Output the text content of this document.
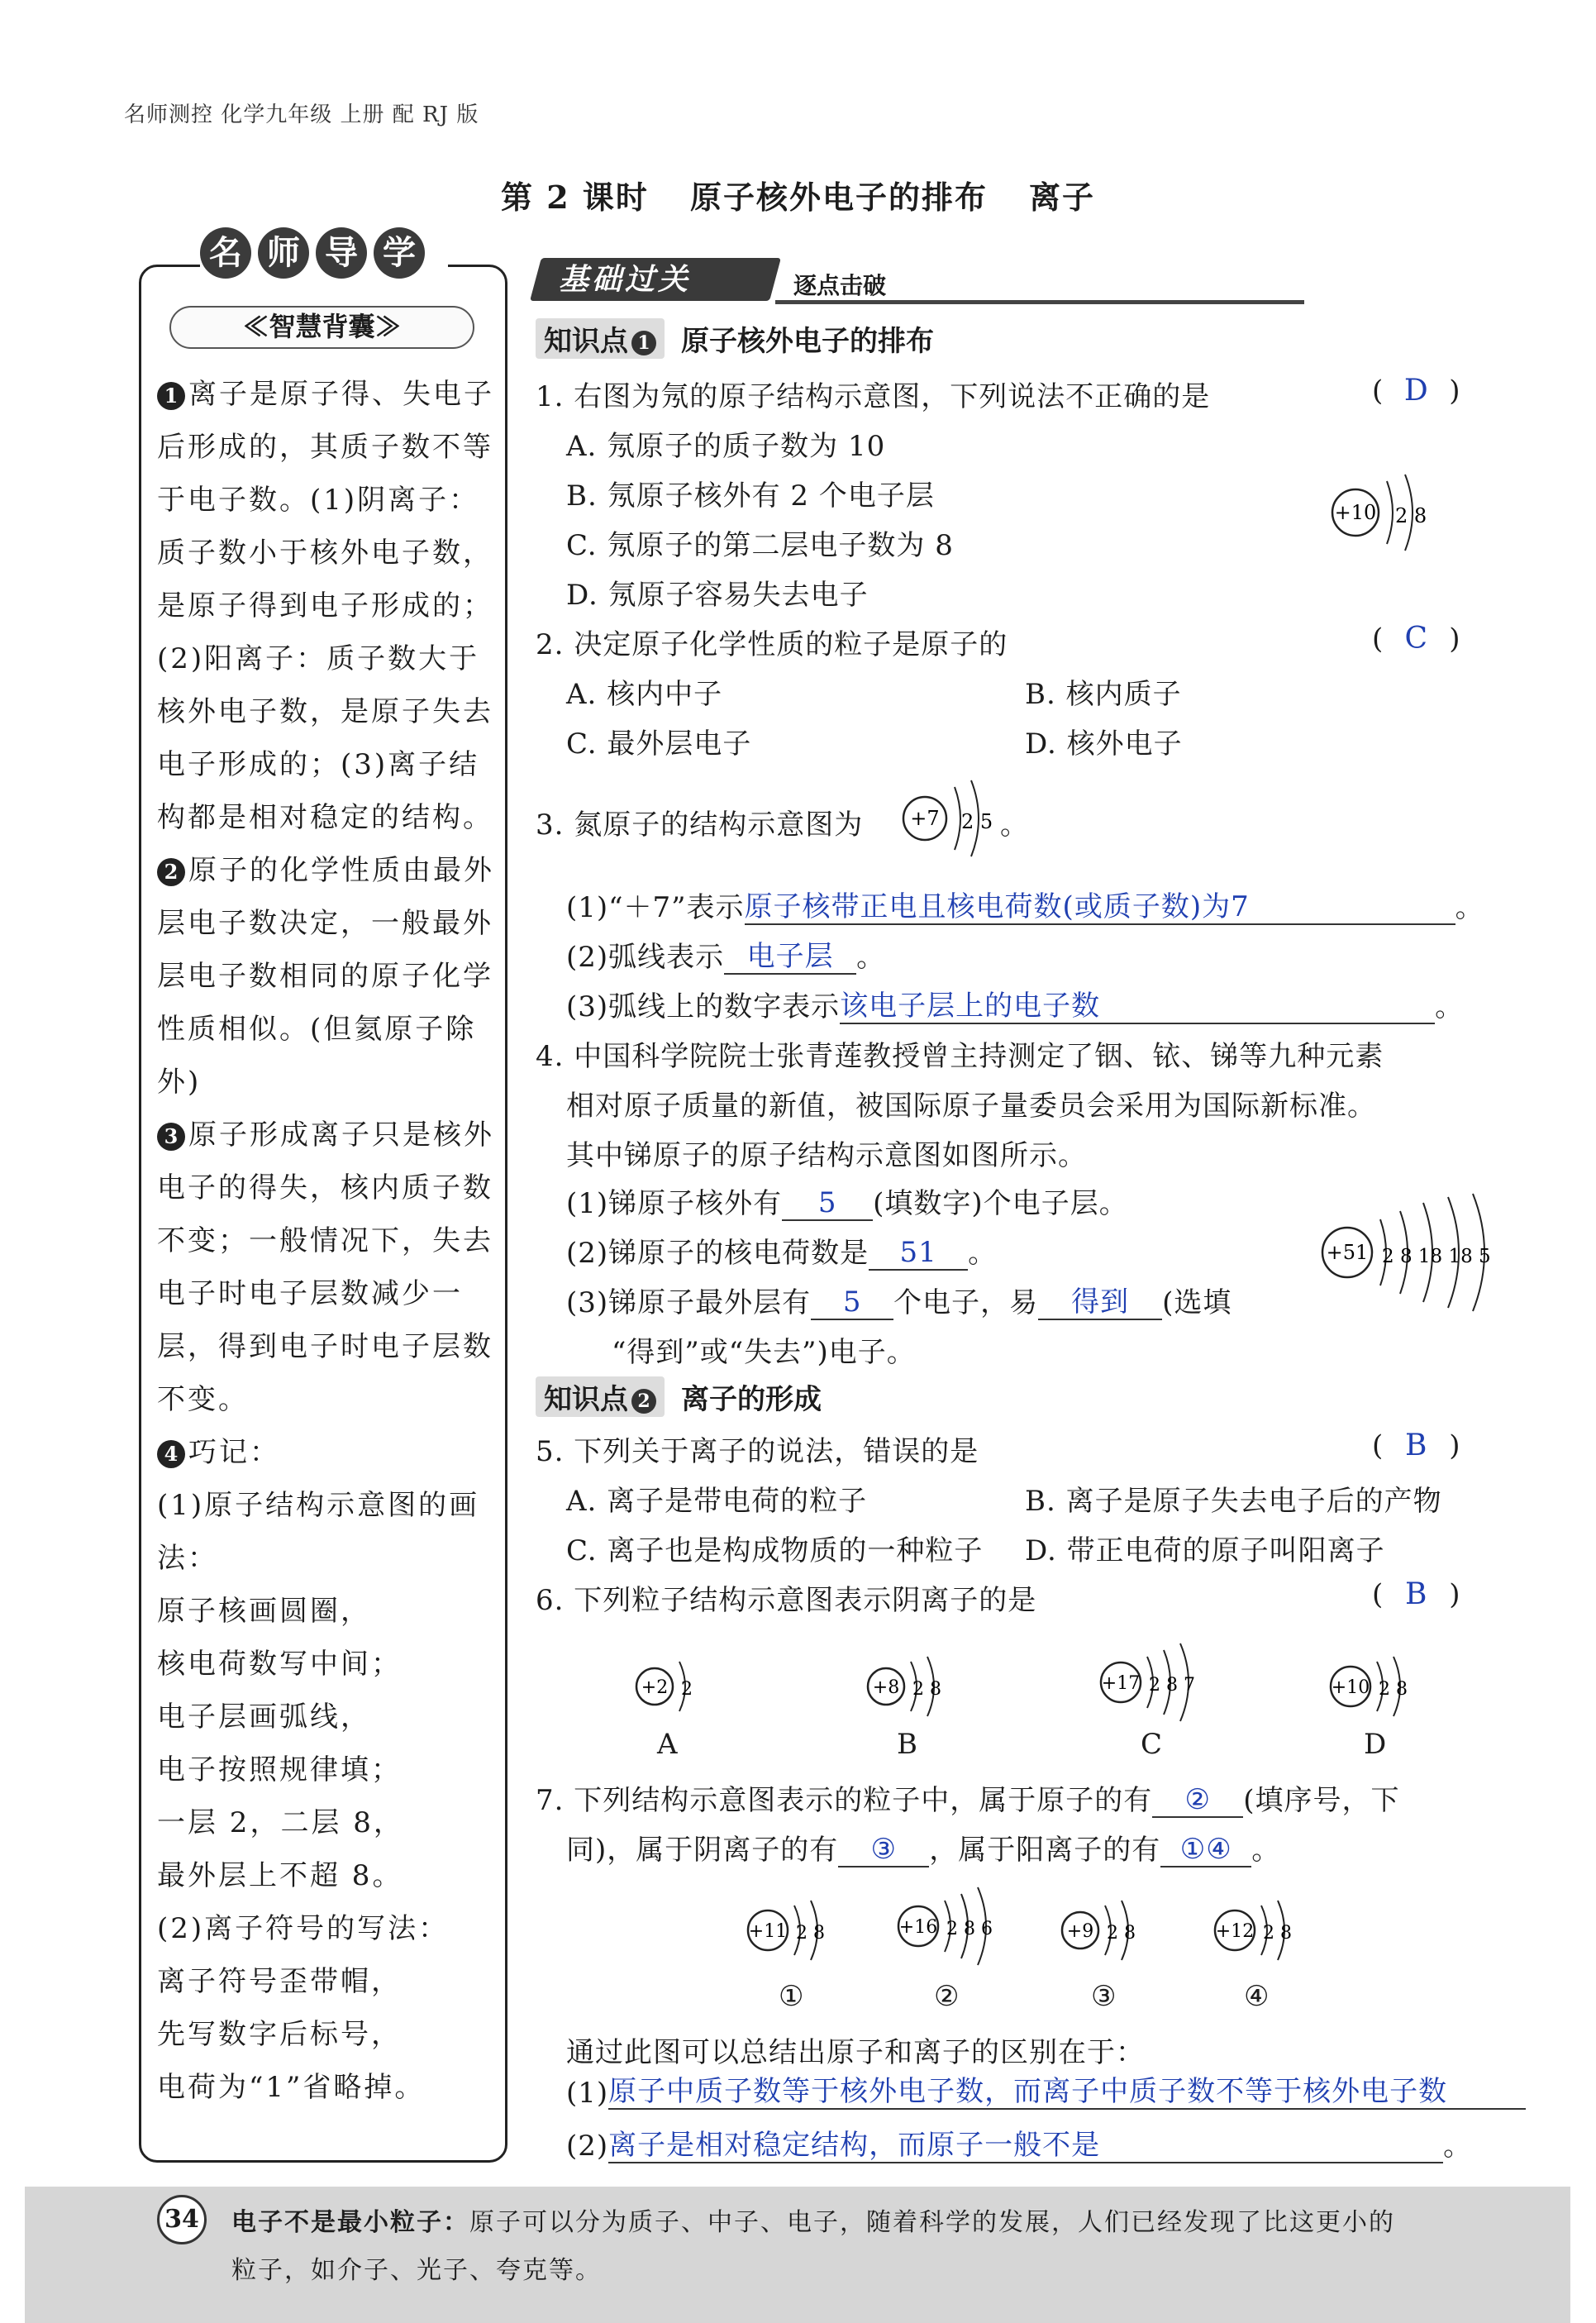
名师测控 化学九年级 上册 配 RJ 版
第 2 课时 原子核外电子的排布 离子
名 师 导 学
≪智慧背囊≫

1 离子是原子得、失电子后形成的，其质子数不等于电子数。(1)阴离子：质子数小于核外电子数，是原子得到电子形成的；(2)阳离子：质子数大于核外电子数，是原子失去电子形成的；(3)离子结构都是相对稳定的结构。

2 原子的化学性质由最外层电子数决定，一般最外层电子数相同的原子化学性质相似。(但氦原子除外)

3 原子形成离子只是核外电子的得失，核内质子数不变；一般情况下，失去电子时电子层数减少一层，得到电子时电子层数不变。

4 巧记：

(1)原子结构示意图的画法：

原子核画圆圈，

核电荷数写中间；

电子层画弧线，

电子按照规律填；

一层 2，二层 8，

最外层上不超 8。

(2)离子符号的写法：

离子符号歪带帽，

先写数字后标号，

电荷为“1”省略掉。

基础过关	逐点击破
知识点 1 原子核外电子的排布
1. 右图为氖的原子结构示意图，下列说法不正确的是	( D )
A. 氖原子的质子数为 10
B. 氖原子核外有 2 个电子层
C. 氖原子的第二层电子数为 8
D. 氖原子容易失去电子
+10 2 8
2. 决定原子化学性质的粒子是原子的	( C )
A. 核内中子	B. 核内质子
C. 最外层电子	D. 核外电子
3. 氮原子的结构示意图为 +7 2 5 。
(1)“＋7”表示原子核带正电且核电荷数(或质子数)为7	。
(2)弧线表示 电子层 。
(3)弧线上的数字表示该电子层上的电子数	。
4. 中国科学院院士张青莲教授曾主持测定了铟、铱、锑等九种元素
相对原子质量的新值，被国际原子量委员会采用为国际新标准。
其中锑原子的原子结构示意图如图所示。
(1)锑原子核外有 5 (填数字)个电子层。
(2)锑原子的核电荷数是 51 。
(3)锑原子最外层有 5 个电子，易 得到 (选填
“得到”或“失去”)电子。
+51 2 8 18 18 5
知识点 2 离子的形成
5. 下列关于离子的说法，错误的是	( B )
A. 离子是带电荷的粒子	B. 离子是原子失去电子后的产物
C. 离子也是构成物质的一种粒子 D. 带正电荷的原子叫阳离子
6. 下列粒子结构示意图表示阴离子的是	( B )
+2 2	+8 2 8	+17 2 8 7	+10 2 8
A	B	C	D
7. 下列结构示意图表示的粒子中，属于原子的有 ② (填序号，下
同)，属于阴离子的有 ③ ，属于阳离子的有 ①④ 。
+11 2 8	+16 2 8 6	+9 2 8	+12 2 8
①	②	③	④
通过此图可以总结出原子和离子的区别在于：
(1)原子中质子数等于核外电子数，而离子中质子数不等于核外电子数
(2)离子是相对稳定结构，而原子一般不是	。
34	电子不是最小粒子：原子可以分为质子、中子、电子，随着科学的发展，人们已经发现了比这更小的
粒子，如介子、光子、夸克等。
